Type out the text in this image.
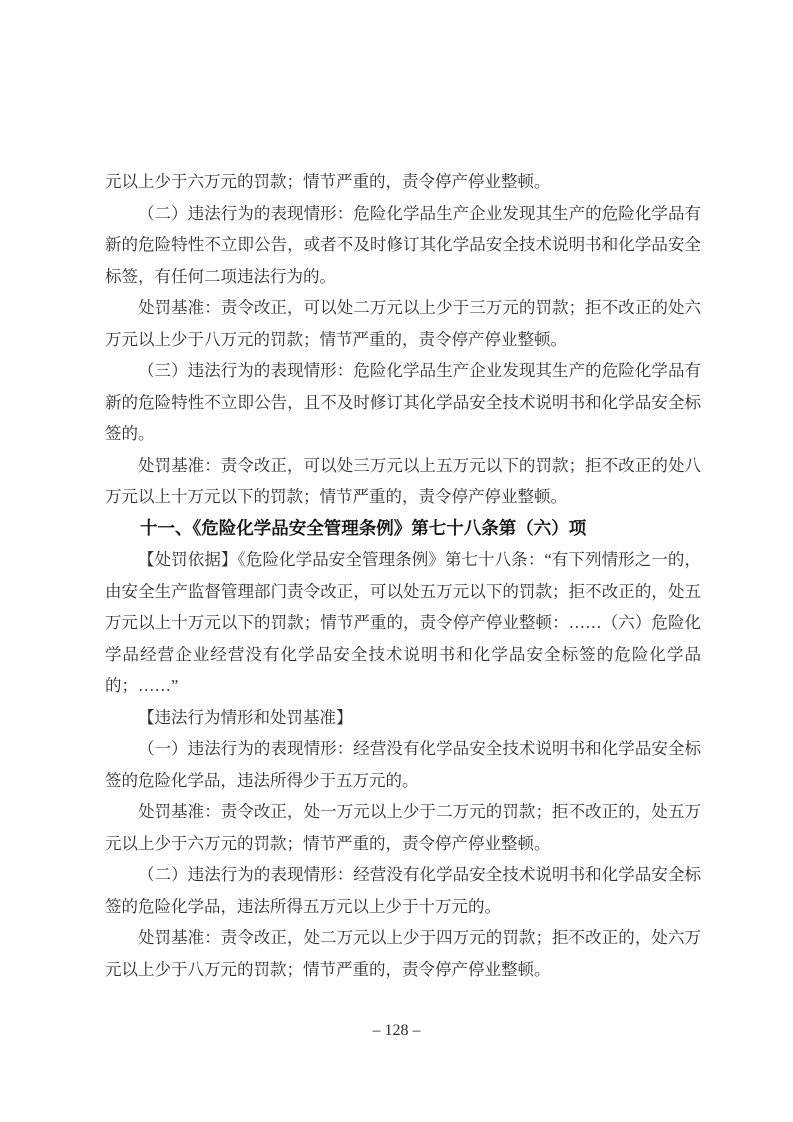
元以上少于六万元的罚款；情节严重的，责令停产停业整顿。

（二）违法行为的表现情形：危险化学品生产企业发现其生产的危险化学品有新的危险特性不立即公告，或者不及时修订其化学品安全技术说明书和化学品安全标签，有任何二项违法行为的。

处罚基准：责令改正，可以处二万元以上少于三万元的罚款；拒不改正的处六万元以上少于八万元的罚款；情节严重的，责令停产停业整顿。

（三）违法行为的表现情形：危险化学品生产企业发现其生产的危险化学品有新的危险特性不立即公告，且不及时修订其化学品安全技术说明书和化学品安全标签的。

处罚基准：责令改正，可以处三万元以上五万元以下的罚款；拒不改正的处八万元以上十万元以下的罚款；情节严重的，责令停产停业整顿。

十一、《危险化学品安全管理条例》第七十八条第（六）项

【处罚依据】《危险化学品安全管理条例》第七十八条：“有下列情形之一的，由安全生产监督管理部门责令改正，可以处五万元以下的罚款；拒不改正的，处五万元以上十万元以下的罚款；情节严重的，责令停产停业整顿：……（六）危险化学品经营企业经营没有化学品安全技术说明书和化学品安全标签的危险化学品的；……”

【违法行为情形和处罚基准】

（一）违法行为的表现情形：经营没有化学品安全技术说明书和化学品安全标签的危险化学品，违法所得少于五万元的。

处罚基准：责令改正，处一万元以上少于二万元的罚款；拒不改正的，处五万元以上少于六万元的罚款；情节严重的，责令停产停业整顿。

（二）违法行为的表现情形：经营没有化学品安全技术说明书和化学品安全标签的危险化学品，违法所得五万元以上少于十万元的。

处罚基准：责令改正，处二万元以上少于四万元的罚款；拒不改正的，处六万元以上少于八万元的罚款；情节严重的，责令停产停业整顿。

– 128 –
